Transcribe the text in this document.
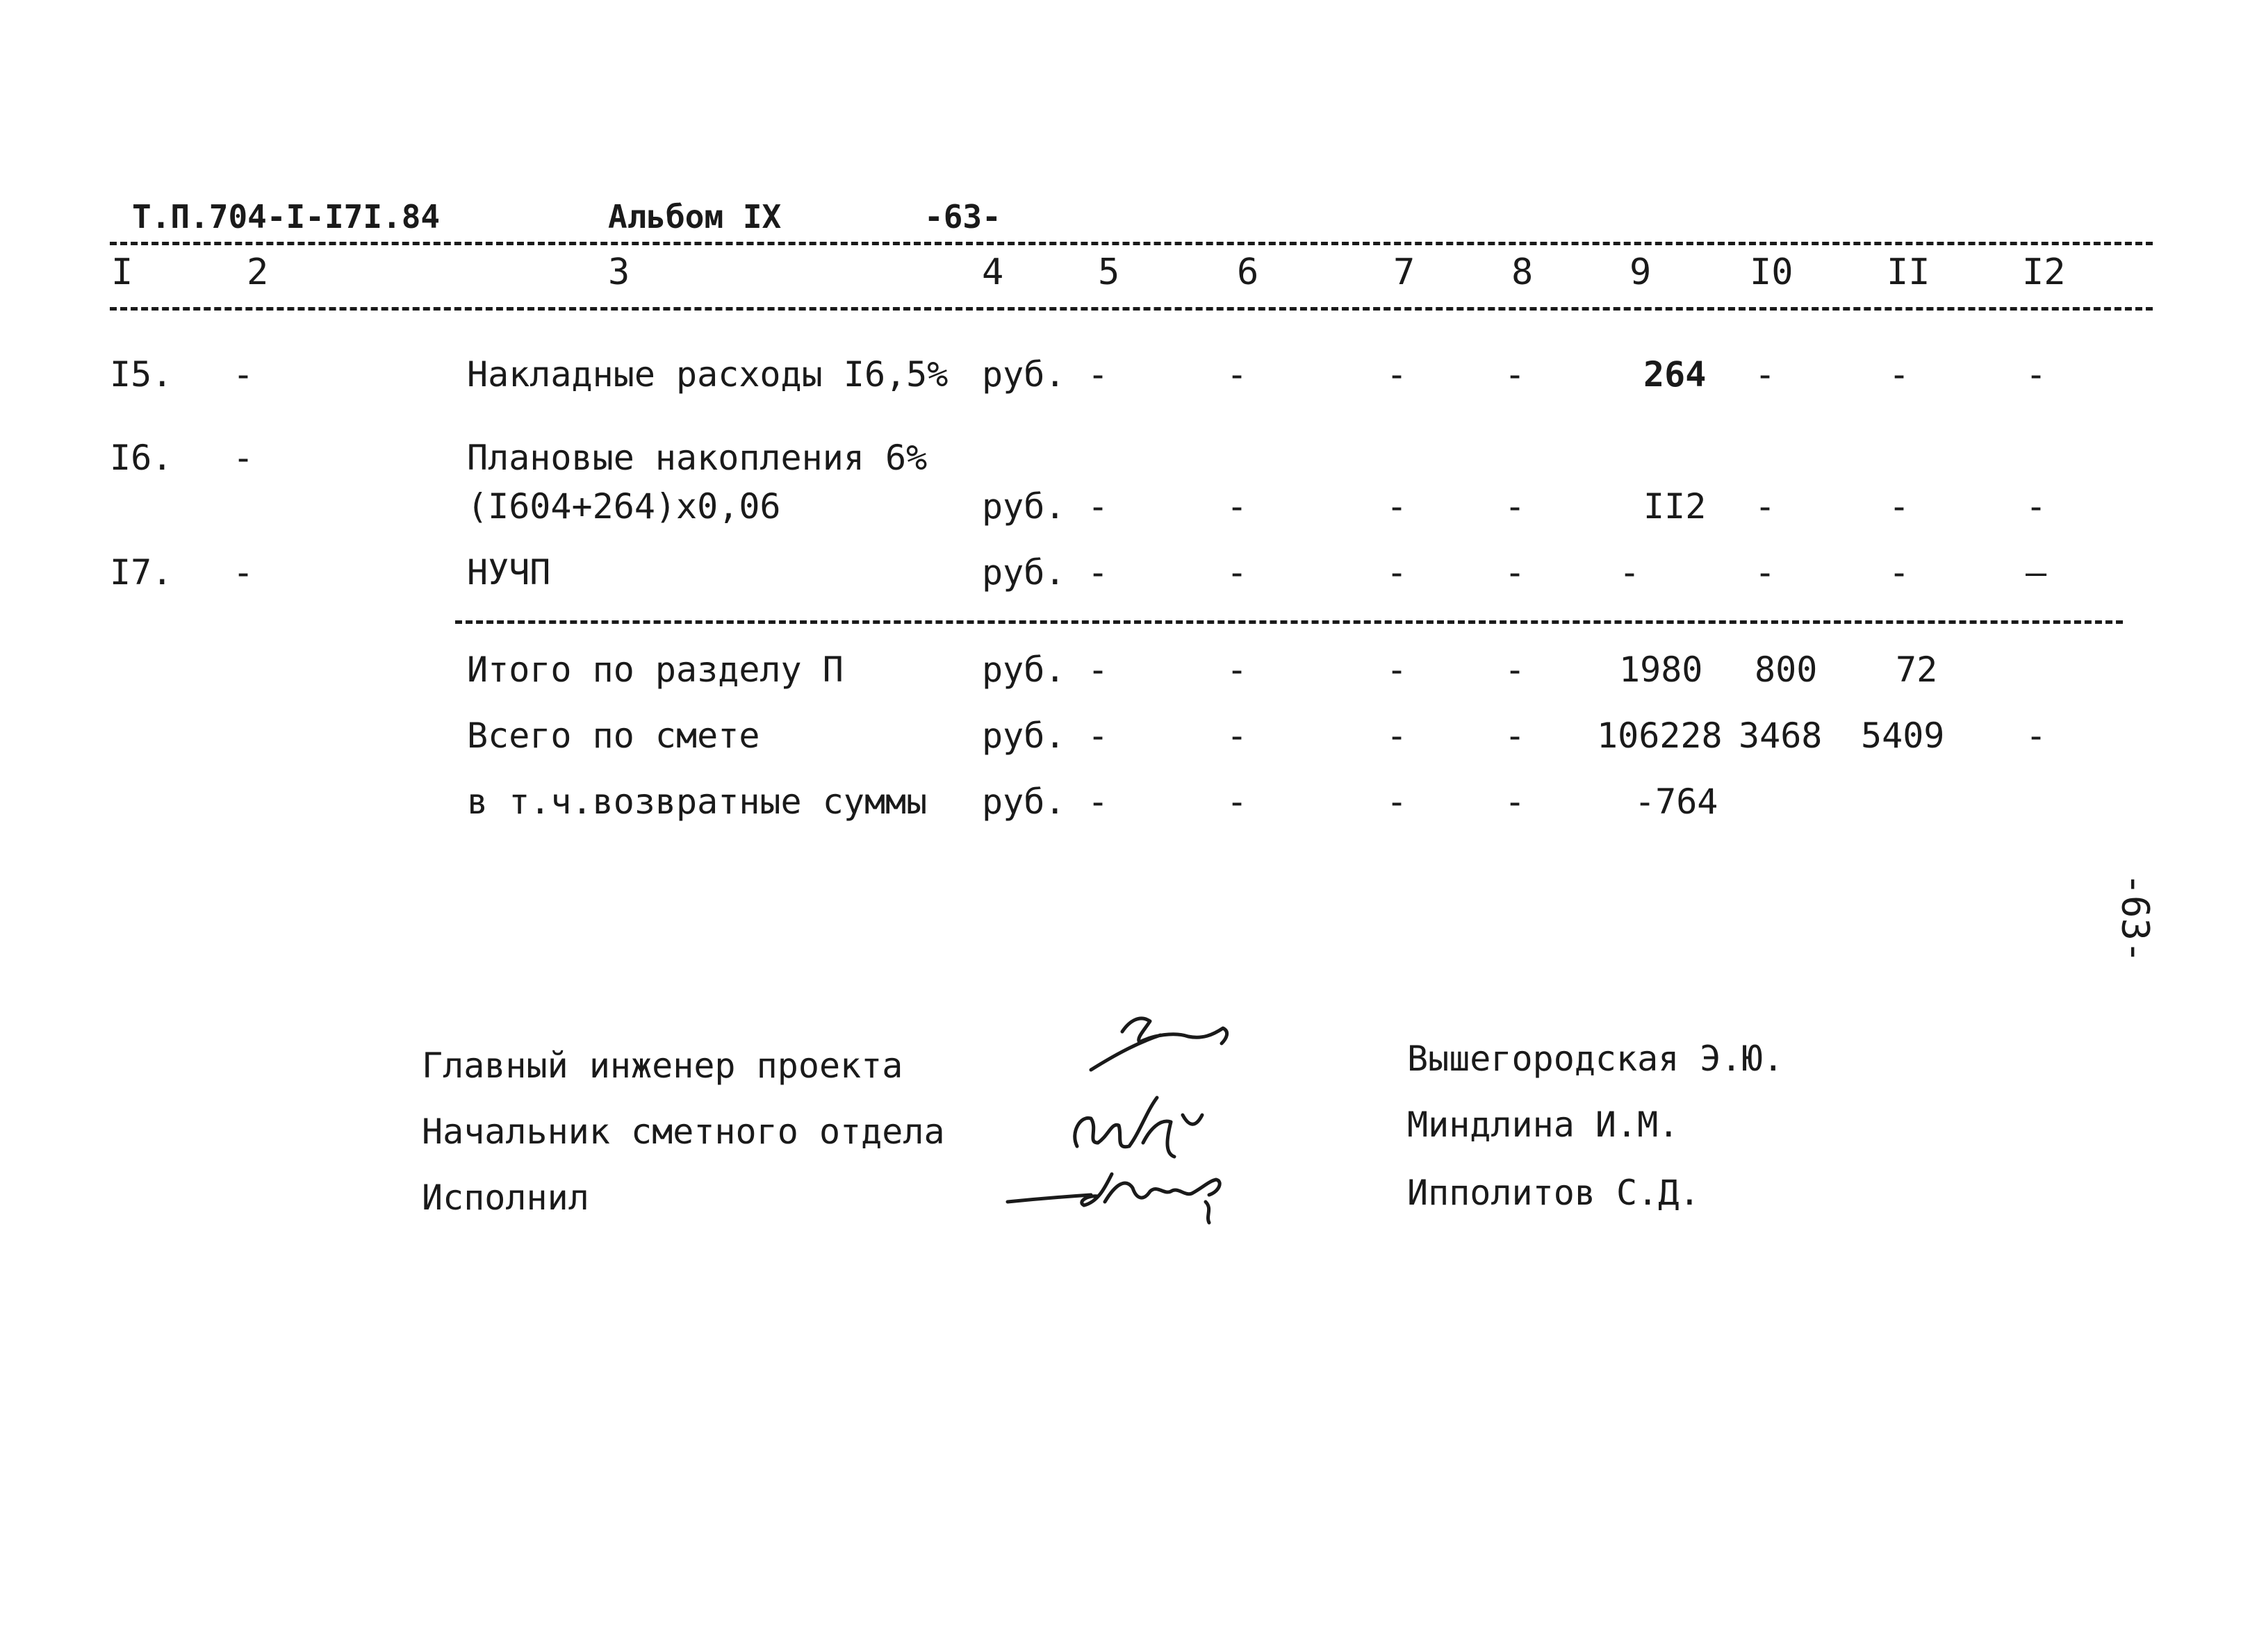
Т.П.704-I-I7I.84	Альбом IX	-63-
I	2	3	4	5	6	7	8	9	I0	II	I2
I5. -	Накладные расходы I6,5% руб. -	-	-	-	264 -	-	-
I6. -	Плановые накопления 6%
(I604+264)x0,06	руб. -	-	-	-	II2 -	-	-
I7. -	НУЧП	руб. -	-	-	-	-	-	-	—
Итого по разделу П	руб. -	-	-	-	1980 800 72
Всего по смете	руб. -	-	-	- 106228 3468 5409 -
в т.ч.возвратные суммы руб. -	-	-	-	-764
-63-
Главный инженер проекта
Начальник сметного отдела
Исполнил
Вышегородская Э.Ю.
Миндлина И.М.
Ипполитов С.Д.
